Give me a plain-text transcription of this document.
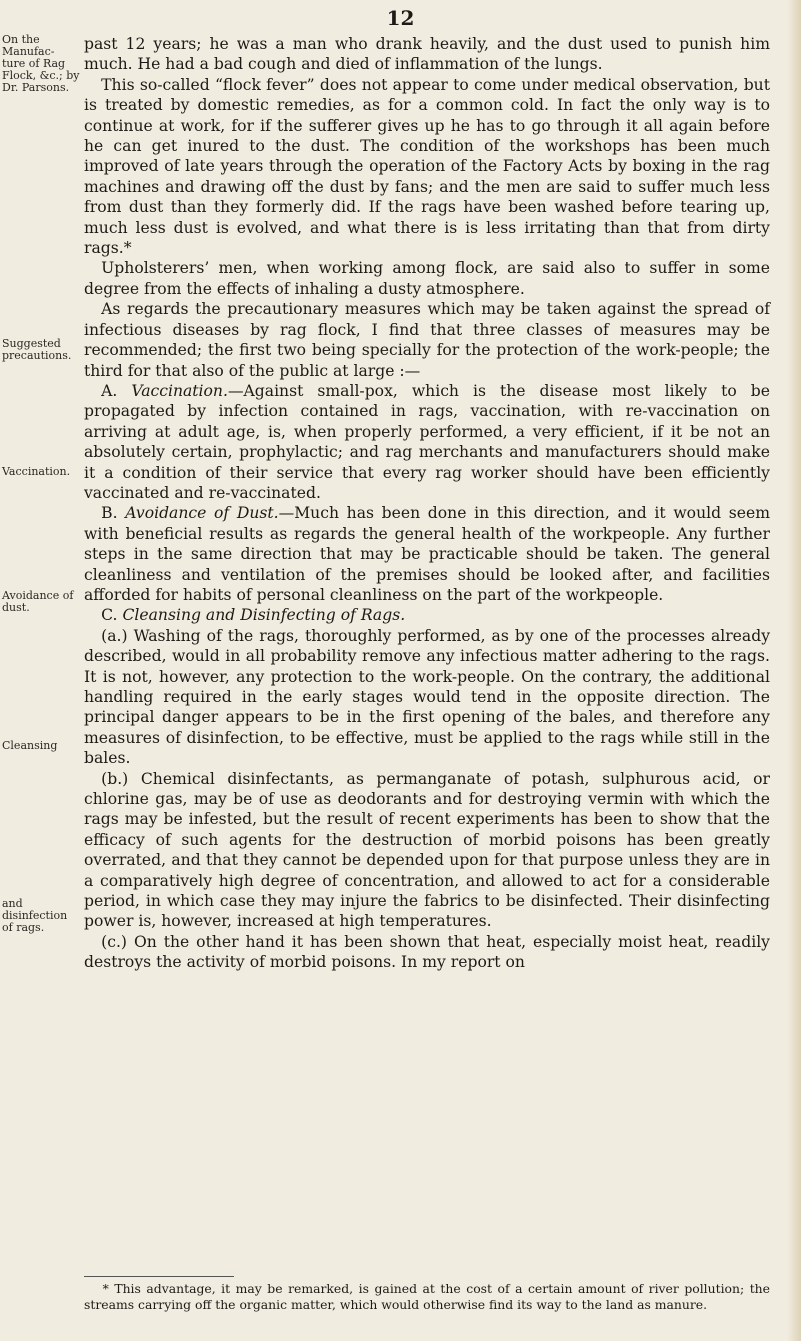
12
On the Manufac- ture of Rag Flock, &c.; by Dr. Parsons.
Suggested precautions.
Vaccination.
Avoidance of dust.
Cleansing
and disinfection of rags.

past 12 years; he was a man who drank heavily, and the dust used to punish him much. He had a bad cough and died of inflammation of the lungs.

This so-called “flock fever” does not appear to come under medical observation, but is treated by domestic remedies, as for a common cold. In fact the only way is to continue at work, for if the sufferer gives up he has to go through it all again before he can get inured to the dust. The condition of the workshops has been much improved of late years through the operation of the Factory Acts by boxing in the rag machines and drawing off the dust by fans; and the men are said to suffer much less from dust than they formerly did. If the rags have been washed before tearing up, much less dust is evolved, and what there is is less irritating than that from dirty rags.*

Upholsterers’ men, when working among flock, are said also to suffer in some degree from the effects of inhaling a dusty atmosphere.

As regards the precautionary measures which may be taken against the spread of infectious diseases by rag flock, I find that three classes of measures may be recommended; the first two being specially for the protection of the work-people; the third for that also of the public at large :—

A. Vaccination.—Against small-pox, which is the disease most likely to be propagated by infection contained in rags, vaccination, with re-vaccination on arriving at adult age, is, when properly performed, a very efficient, if it be not an absolutely certain, prophylactic; and rag merchants and manufacturers should make it a condition of their service that every rag worker should have been efficiently vaccinated and re-vaccinated.

B. Avoidance of Dust.—Much has been done in this direction, and it would seem with beneficial results as regards the general health of the workpeople. Any further steps in the same direction that may be practicable should be taken. The general cleanliness and ventilation of the premises should be looked after, and facilities afforded for habits of personal cleanliness on the part of the workpeople.

C. Cleansing and Disinfecting of Rags.

(a.) Washing of the rags, thoroughly performed, as by one of the processes already described, would in all probability remove any infectious matter adhering to the rags. It is not, however, any protection to the work-people. On the contrary, the additional handling required in the early stages would tend in the opposite direction. The principal danger appears to be in the first opening of the bales, and therefore any measures of disinfection, to be effective, must be applied to the rags while still in the bales.

(b.) Chemical disinfectants, as permanganate of potash, sulphurous acid, or chlorine gas, may be of use as deodorants and for destroying vermin with which the rags may be infested, but the result of recent experiments has been to show that the efficacy of such agents for the destruction of morbid poisons has been greatly overrated, and that they cannot be depended upon for that purpose unless they are in a comparatively high degree of concentration, and allowed to act for a considerable period, in which case they may injure the fabrics to be disinfected. Their disinfecting power is, however, increased at high temperatures.

(c.) On the other hand it has been shown that heat, especially moist heat, readily destroys the activity of morbid poisons. In my report on

* This advantage, it may be remarked, is gained at the cost of a certain amount of river pollution; the streams carrying off the organic matter, which would otherwise find its way to the land as manure.
